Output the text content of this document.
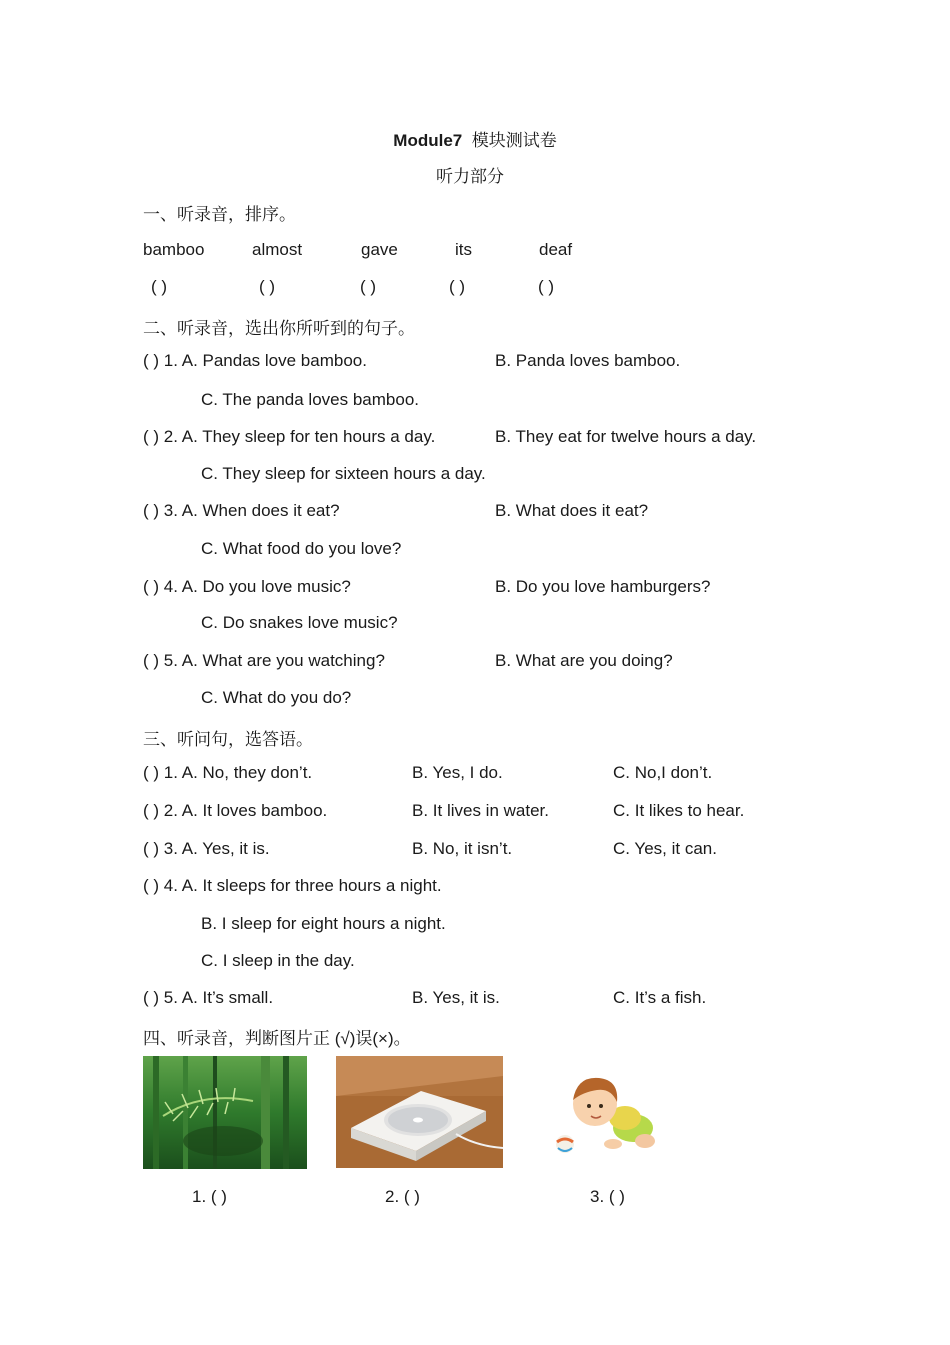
Module7 模块测试卷
听力部分
一、听录音，排序。
bamboo	almost	gave	its	deaf
( )	( )	( )	( )	( )
二、听录音，选出你所听到的句子。
( ) 1. A. Pandas love bamboo.	B. Panda loves bamboo.
C. The panda loves bamboo.
( ) 2. A. They sleep for ten hours a day.	B. They eat for twelve hours a day.
C. They sleep for sixteen hours a day.
( ) 3. A. When does it eat?	B. What does it eat?
C. What food do you love?
( ) 4. A. Do you love music?	B. Do you love hamburgers?
C. Do snakes love music?
( ) 5. A. What are you watching?	B. What are you doing?
C. What do you do?
三、听问句，选答语。
( ) 1. A. No, they don’t.	B. Yes, I do.	C. No,I don’t.
( ) 2. A. It loves bamboo.	B. It lives in water.	C. It likes to hear.
( ) 3. A. Yes, it is.	B. No, it isn’t.	C. Yes, it can.
( ) 4. A. It sleeps for three hours a night.
B. I sleep for eight hours a night.
C. I sleep in the day.
( ) 5. A. It’s small.	B. Yes, it is.	C. It’s a fish.
四、听录音，判断图片正 (√)误(×)。
1. ( )	2. ( )	3. ( )
